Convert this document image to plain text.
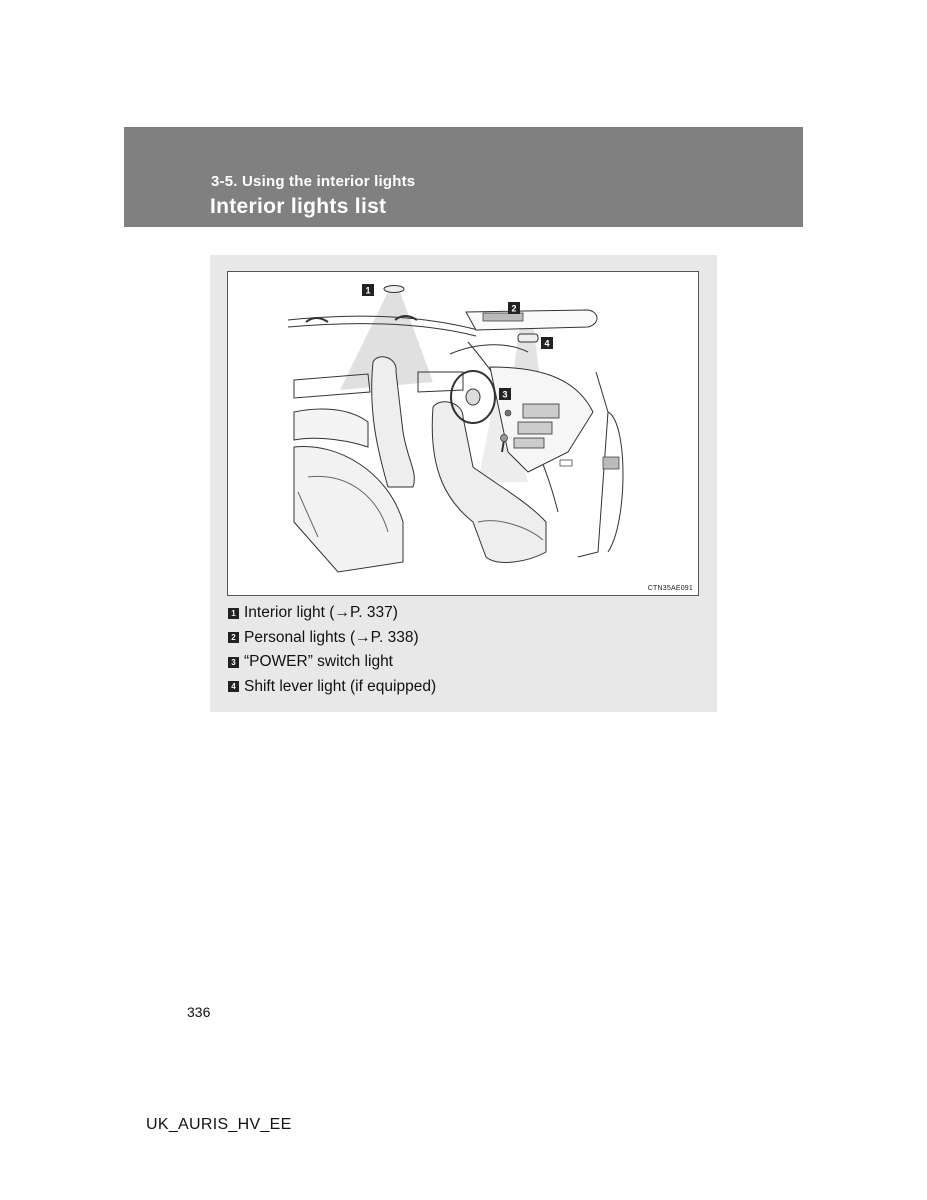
3-5. Using the interior lights
Interior lights list
1
2
3
4
CTN35AE091
1 Interior light (→P. 337)
2 Personal lights (→P. 338)
3 “POWER” switch light
4 Shift lever light (if equipped)
336
UK_AURIS_HV_EE
